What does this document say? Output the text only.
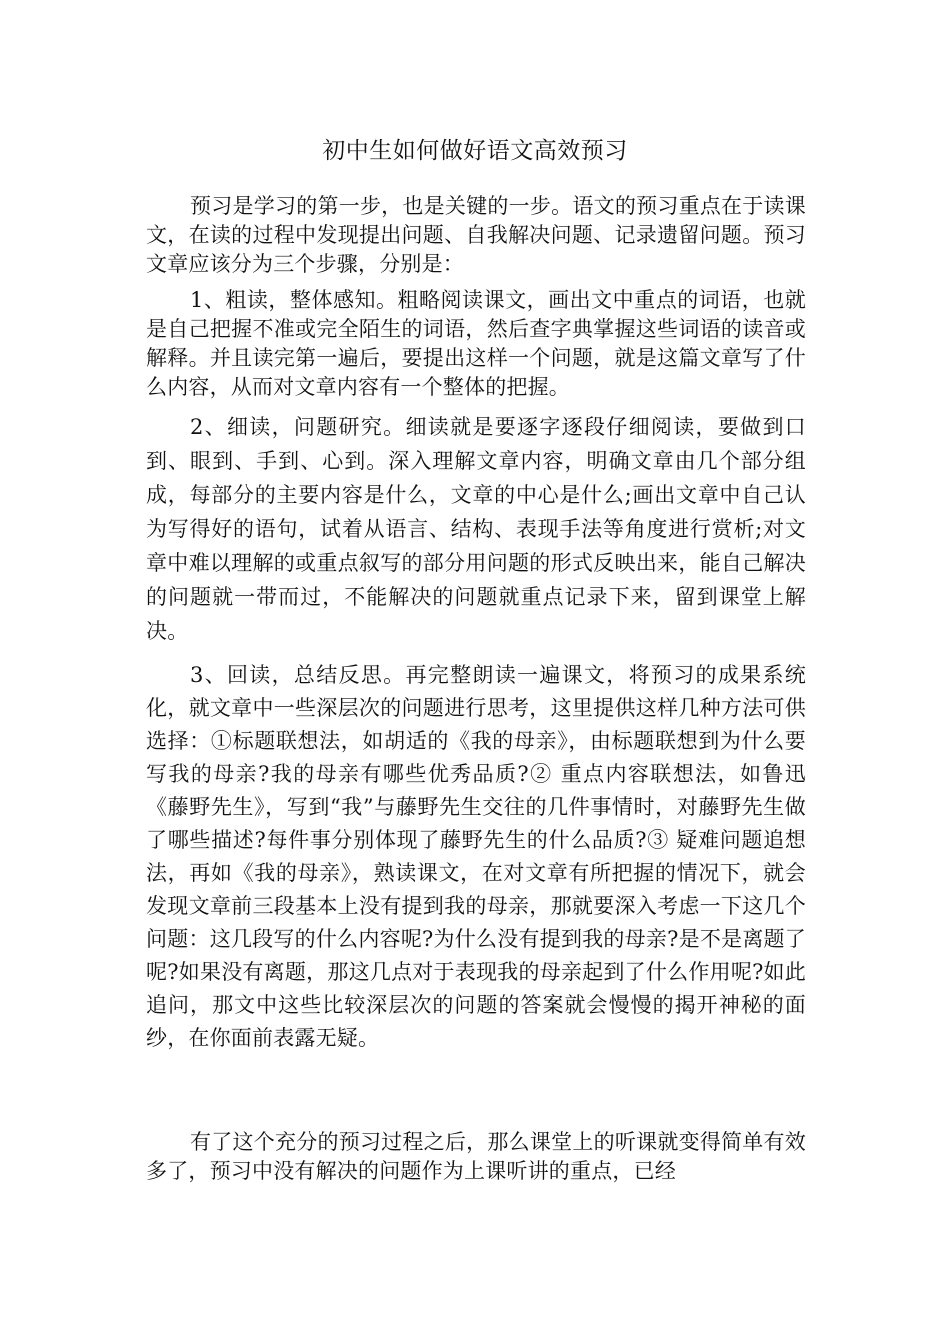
初中生如何做好语文高效预习

预习是学习的第一步，也是关键的一步。语文的预习重点在于读课文，在读的过程中发现提出问题、自我解决问题、记录遗留问题。预习文章应该分为三个步骤，分别是：

1、粗读，整体感知。粗略阅读课文，画出文中重点的词语，也就是自己把握不准或完全陌生的词语，然后查字典掌握这些词语的读音或解释。并且读完第一遍后，要提出这样一个问题，就是这篇文章写了什么内容，从而对文章内容有一个整体的把握。

2、细读，问题研究。细读就是要逐字逐段仔细阅读，要做到口到、眼到、手到、心到。深入理解文章内容，明确文章由几个部分组成，每部分的主要内容是什么，文章的中心是什么;画出文章中自己认为写得好的语句，试着从语言、结构、表现手法等角度进行赏析;对文章中难以理解的或重点叙写的部分用问题的形式反映出来，能自己解决的问题就一带而过，不能解决的问题就重点记录下来，留到课堂上解决。

3、回读，总结反思。再完整朗读一遍课文，将预习的成果系统化，就文章中一些深层次的问题进行思考，这里提供这样几种方法可供选择：①标题联想法，如胡适的《我的母亲》，由标题联想到为什么要写我的母亲?我的母亲有哪些优秀品质?② 重点内容联想法，如鲁迅《藤野先生》，写到“我”与藤野先生交往的几件事情时，对藤野先生做了哪些描述?每件事分别体现了藤野先生的什么品质?③ 疑难问题追想法，再如《我的母亲》，熟读课文，在对文章有所把握的情况下，就会发现文章前三段基本上没有提到我的母亲，那就要深入考虑一下这几个问题：这几段写的什么内容呢?为什么没有提到我的母亲?是不是离题了呢?如果没有离题，那这几点对于表现我的母亲起到了什么作用呢?如此追问，那文中这些比较深层次的问题的答案就会慢慢的揭开神秘的面纱，在你面前表露无疑。

有了这个充分的预习过程之后，那么课堂上的听课就变得简单有效多了，预习中没有解决的问题作为上课听讲的重点，已经
